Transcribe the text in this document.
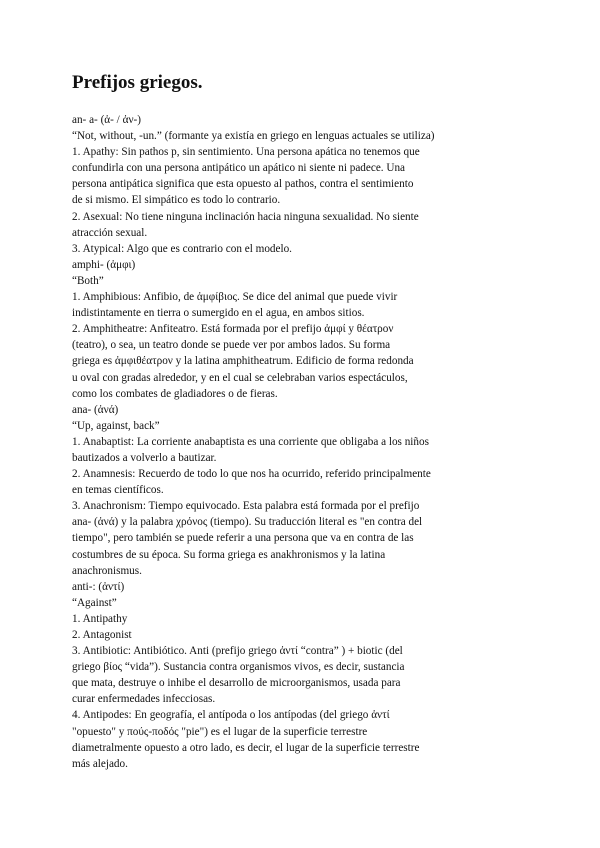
Prefijos griegos.
an- a- (ἀ- / ἀν-)
“Not, without, -un.” (formante ya existía en griego en lenguas actuales se utiliza)
1. Apathy: Sin pathos p, sin sentimiento. Una persona apática no tenemos que
confundirla con una persona antipático un apático ni siente ni padece. Una
persona antipática significa que esta opuesto al pathos, contra el sentimiento
de si mismo. El simpático es todo lo contrario.
2. Asexual: No tiene ninguna inclinación hacia ninguna sexualidad. No siente
atracción sexual.
3. Atypical: Algo que es contrario con el modelo.
amphi- (ἀμφι)
“Both”
1. Amphibious: Anfibio, de ἀμφίβιος. Se dice del animal que puede vivir
indistintamente en tierra o sumergido en el agua, en ambos sitios.
2. Amphitheatre: Anfiteatro. Está formada por el prefijo ἀμφί y θέατρον
(teatro), o sea, un teatro donde se puede ver por ambos lados. Su forma
griega es ἀμφιθέατρον y la latina amphitheatrum. Edificio de forma redonda
u oval con gradas alrededor, y en el cual se celebraban varios espectáculos,
como los combates de gladiadores o de fieras.
ana- (ἀνά)
“Up, against, back”
1. Anabaptist: La corriente anabaptista es una corriente que obligaba a los niños
bautizados a volverlo a bautizar.
2. Anamnesis: Recuerdo de todo lo que nos ha ocurrido, referido principalmente
en temas científicos.
3. Anachronism: Tiempo equivocado. Esta palabra está formada por el prefijo
ana- (ἀνά) y la palabra χρόνος (tiempo). Su traducción literal es "en contra del
tiempo", pero también se puede referir a una persona que va en contra de las
costumbres de su época. Su forma griega es anakhronismos y la latina
anachronismus.
anti-: (ἀντί)
“Against”
1. Antipathy
2. Antagonist
3. Antibiotic: Antibiótico. Anti (prefijo griego ἀντί “contra” ) + biotic (del
griego βίος “vida”). Sustancia contra organismos vivos, es decir, sustancia
que mata, destruye o inhibe el desarrollo de microorganismos, usada para
curar enfermedades infecciosas.
4. Antipodes: En geografía, el antípoda o los antípodas (del griego ἀντί
"opuesto" y πούς-ποδός "pie") es el lugar de la superficie terrestre
diametralmente opuesto a otro lado, es decir, el lugar de la superficie terrestre
más alejado.
